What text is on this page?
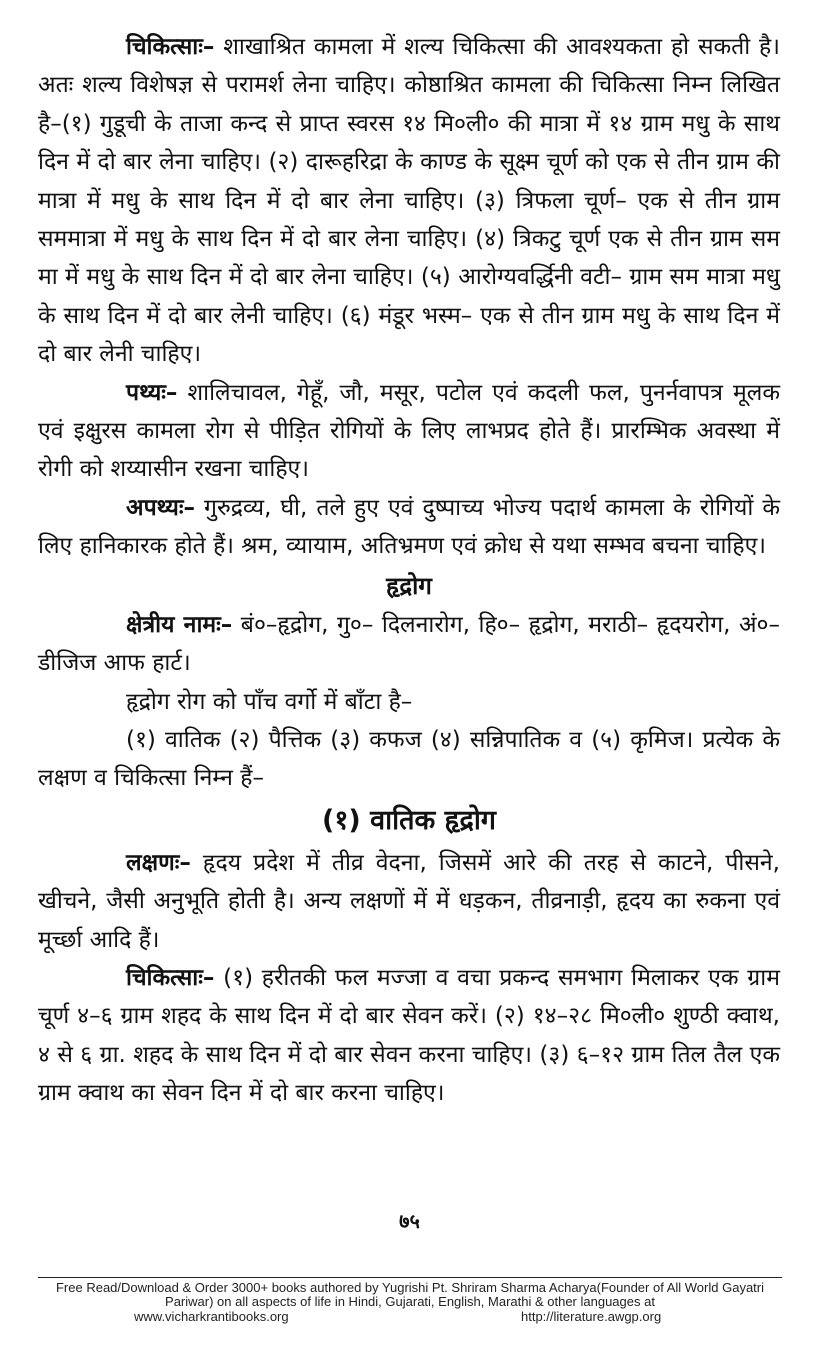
चिकित्साः– शाखाश्रित कामला में शल्य चिकित्सा की आवश्यकता हो सकती है। अतः शल्य विशेषज्ञ से परामर्श लेना चाहिए। कोष्ठाश्रित कामला की चिकित्सा निम्न लिखित है–(१) गुडूची के ताजा कन्द से प्राप्त स्वरस १४ मि०ली० की मात्रा में १४ ग्राम मधु के साथ दिन में दो बार लेना चाहिए। (२) दारूहरिद्रा के काण्ड के सूक्ष्म चूर्ण को एक से तीन ग्राम की मात्रा में मधु के साथ दिन में दो बार लेना चाहिए। (३) त्रिफला चूर्ण– एक से तीन ग्राम सममात्रा में मधु के साथ दिन में दो बार लेना चाहिए। (४) त्रिकटु चूर्ण एक से तीन ग्राम सम मा में मधु के साथ दिन में दो बार लेना चाहिए। (५) आरोग्यवर्द्धिनी वटी– ग्राम सम मात्रा मधु के साथ दिन में दो बार लेनी चाहिए। (६) मंडूर भस्म– एक से तीन ग्राम मधु के साथ दिन में दो बार लेनी चाहिए।

पथ्यः– शालिचावल, गेहूँ, जौ, मसूर, पटोल एवं कदली फल, पुनर्नवापत्र मूलक एवं इक्षुरस कामला रोग से पीड़ित रोगियों के लिए लाभप्रद होते हैं। प्रारम्भिक अवस्था में रोगी को शय्यासीन रखना चाहिए।

अपथ्यः– गुरुद्रव्य, घी, तले हुए एवं दुष्पाच्य भोज्य पदार्थ कामला के रोगियों के लिए हानिकारक होते हैं। श्रम, व्यायाम, अतिभ्रमण एवं क्रोध से यथा सम्भव बचना चाहिए।

हृद्रोग

क्षेत्रीय नामः– बं०–हृद्रोग, गु०– दिलनारोग, हि०– हृद्रोग, मराठी– हृदयरोग, अं०– डीजिज आफ हार्ट।

हृद्रोग रोग को पाँच वर्गो में बाँटा है–

(१) वातिक (२) पैत्तिक (३) कफज (४) सन्निपातिक व (५) कृमिज। प्रत्येक के लक्षण व चिकित्सा निम्न हैं–

(१) वातिक हृद्रोग

लक्षणः– हृदय प्रदेश में तीव्र वेदना, जिसमें आरे की तरह से काटने, पीसने, खीचने, जैसी अनुभूति होती है। अन्य लक्षणों में में धड़कन, तीव्रनाड़ी, हृदय का रुकना एवं मूर्च्छा आदि हैं।

चिकित्साः– (१) हरीतकी फल मज्जा व वचा प्रकन्द समभाग मिलाकर एक ग्राम चूर्ण ४–६ ग्राम शहद के साथ दिन में दो बार सेवन करें। (२) १४–२८ मि०ली० शुण्ठी क्वाथ, ४ से ६ ग्रा. शहद के साथ दिन में दो बार सेवन करना चाहिए। (३) ६–१२ ग्राम तिल तैल एक ग्राम क्वाथ का सेवन दिन में दो बार करना चाहिए।

७५
Free Read/Download & Order 3000+ books authored by Yugrishi Pt. Shriram Sharma Acharya(Founder of All World Gayatri Pariwar) on all aspects of life in Hindi, Gujarati, English, Marathi & other languages at
www.vicharkrantibooks.org	http://literature.awgp.org
